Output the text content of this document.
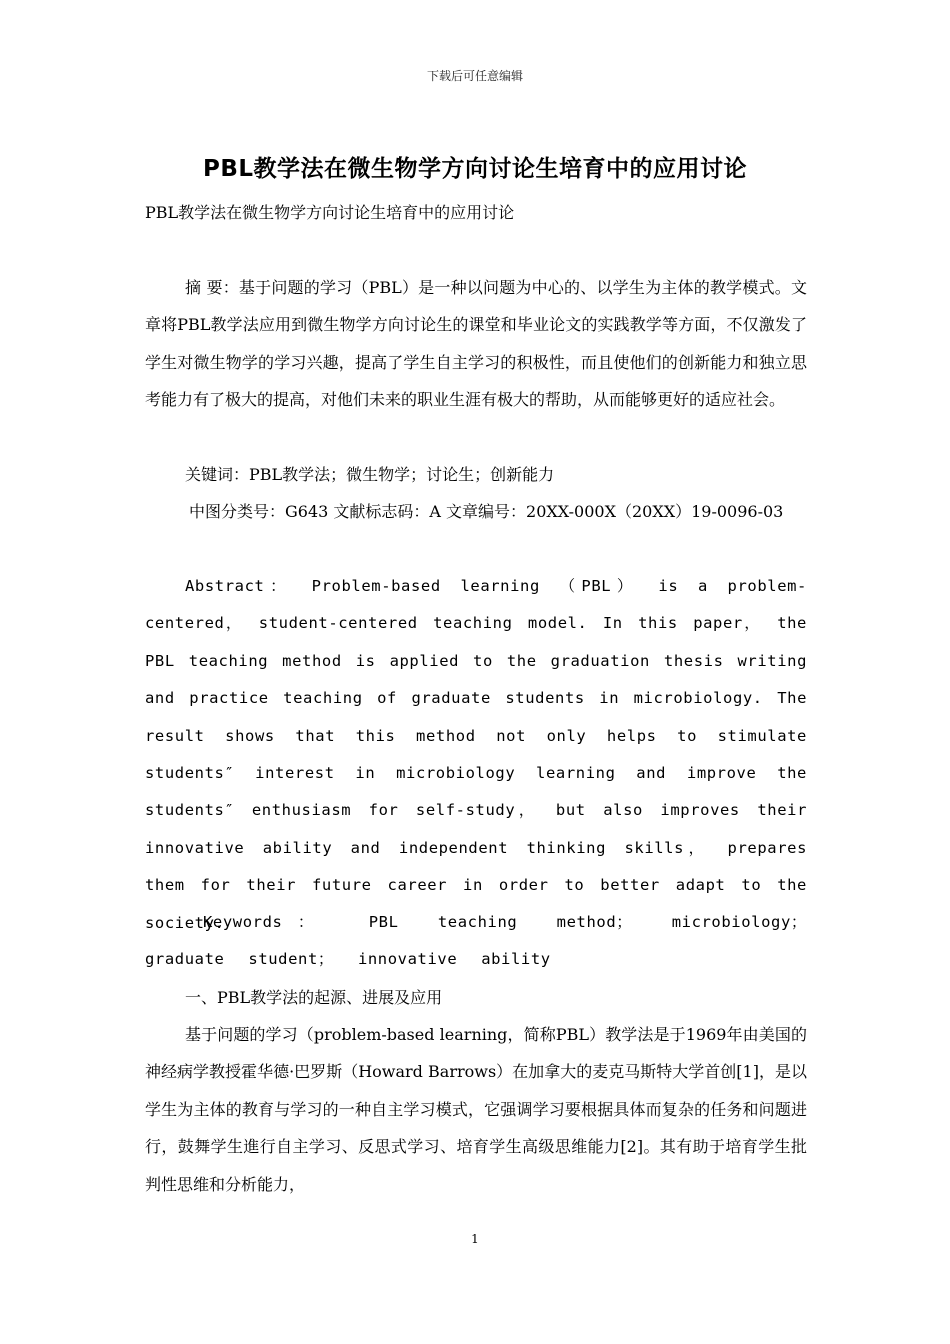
下载后可任意编辑
PBL教学法在微生物学方向讨论生培育中的应用讨论
PBL教学法在微生物学方向讨论生培育中的应用讨论

摘 要：基于问题的学习（PBL）是一种以问题为中心的、以学生为主体的教学模式。文章将PBL教学法应用到微生物学方向讨论生的课堂和毕业论文的实践教学等方面，不仅激发了学生对微生物学的学习兴趣，提高了学生自主学习的积极性，而且使他们的创新能力和独立思考能力有了极大的提高，对他们未来的职业生涯有极大的帮助，从而能够更好的适应社会。

关键词：PBL教学法；微生物学；讨论生；创新能力

中图分类号：G643 文献标志码：A 文章编号：20XX-000X（20XX）19-0096-03

Abstract： Problem-based learning （PBL） is a problem-centered， student-centered teaching model. In this paper， the PBL teaching method is applied to the graduation thesis writing and practice teaching of graduate students in microbiology. The result shows that this method not only helps to stimulate students″ interest in microbiology learning and improve the students″ enthusiasm for self-study， but also improves their innovative ability and independent thinking skills， prepares them for their future career in order to better adapt to the society.

Keywords： PBL teaching method； microbiology； graduate student； innovative ability

一、PBL教学法的起源、进展及应用

基于问题的学习（problem-based learning，简称PBL）教学法是于1969年由美国的神经病学教授霍华德·巴罗斯（Howard Barrows）在加拿大的麦克马斯特大学首创[1]，是以学生为主体的教育与学习的一种自主学习模式，它强调学习要根据具体而复杂的任务和问题进行，鼓舞学生進行自主学习、反思式学习、培育学生高级思维能力[2]。其有助于培育学生批判性思维和分析能力，

1
